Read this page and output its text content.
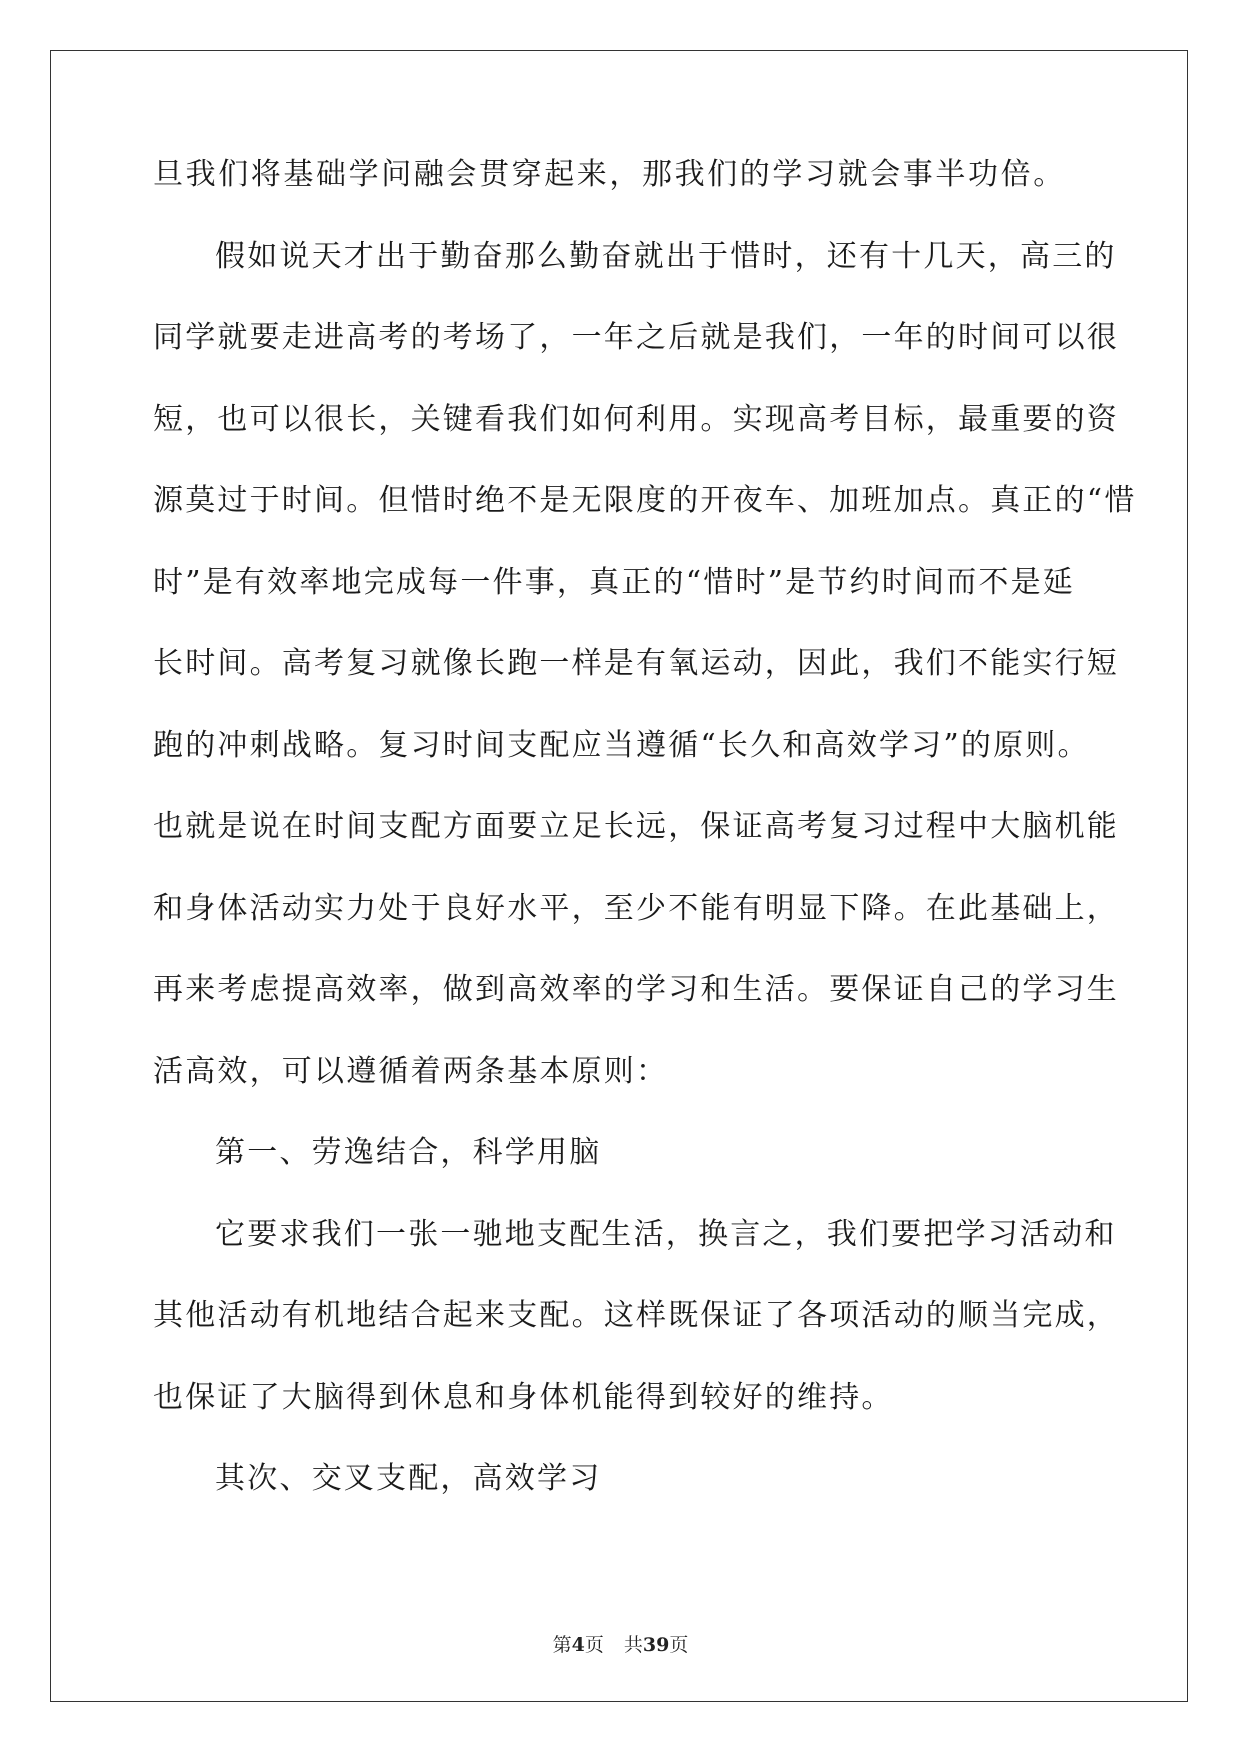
旦我们将基础学问融会贯穿起来，那我们的学习就会事半功倍。
假如说天才出于勤奋那么勤奋就出于惜时，还有十几天，高三的
同学就要走进高考的考场了，一年之后就是我们，一年的时间可以很
短，也可以很长，关键看我们如何利用。实现高考目标，最重要的资
源莫过于时间。但惜时绝不是无限度的开夜车、加班加点。真正的“惜
时”是有效率地完成每一件事，真正的“惜时”是节约时间而不是延
长时间。高考复习就像长跑一样是有氧运动，因此，我们不能实行短
跑的冲刺战略。复习时间支配应当遵循“长久和高效学习”的原则。
也就是说在时间支配方面要立足长远，保证高考复习过程中大脑机能
和身体活动实力处于良好水平，至少不能有明显下降。在此基础上，
再来考虑提高效率，做到高效率的学习和生活。要保证自己的学习生
活高效，可以遵循着两条基本原则：
第一、劳逸结合，科学用脑
它要求我们一张一驰地支配生活，换言之，我们要把学习活动和
其他活动有机地结合起来支配。这样既保证了各项活动的顺当完成，
也保证了大脑得到休息和身体机能得到较好的维持。
其次、交叉支配，高效学习
第4页 共39页
